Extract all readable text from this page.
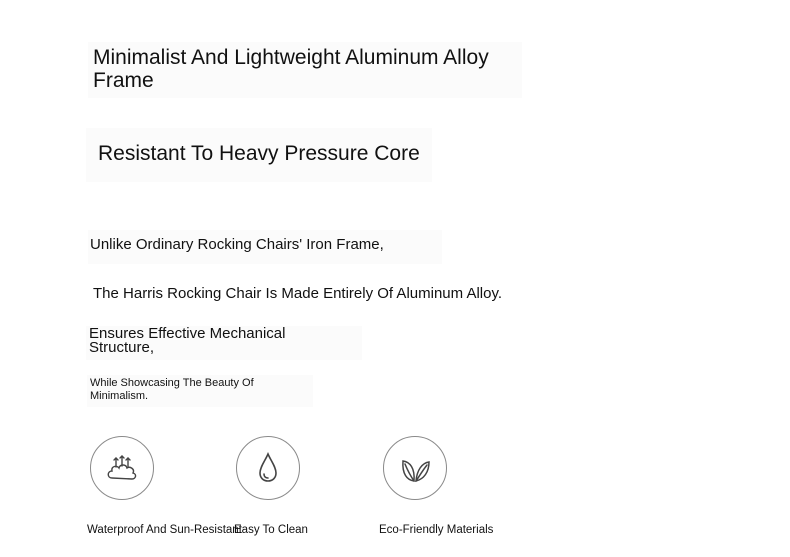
Minimalist And Lightweight Aluminum Alloy Frame
Resistant To Heavy Pressure Core

Unlike Ordinary Rocking Chairs' Iron Frame,

The Harris Rocking Chair Is Made Entirely Of Aluminum Alloy.

Ensures Effective Mechanical Structure,

While Showcasing The Beauty Of Minimalism.

Waterproof And Sun-Resistant
Easy To Clean	Eco-Friendly Materials
